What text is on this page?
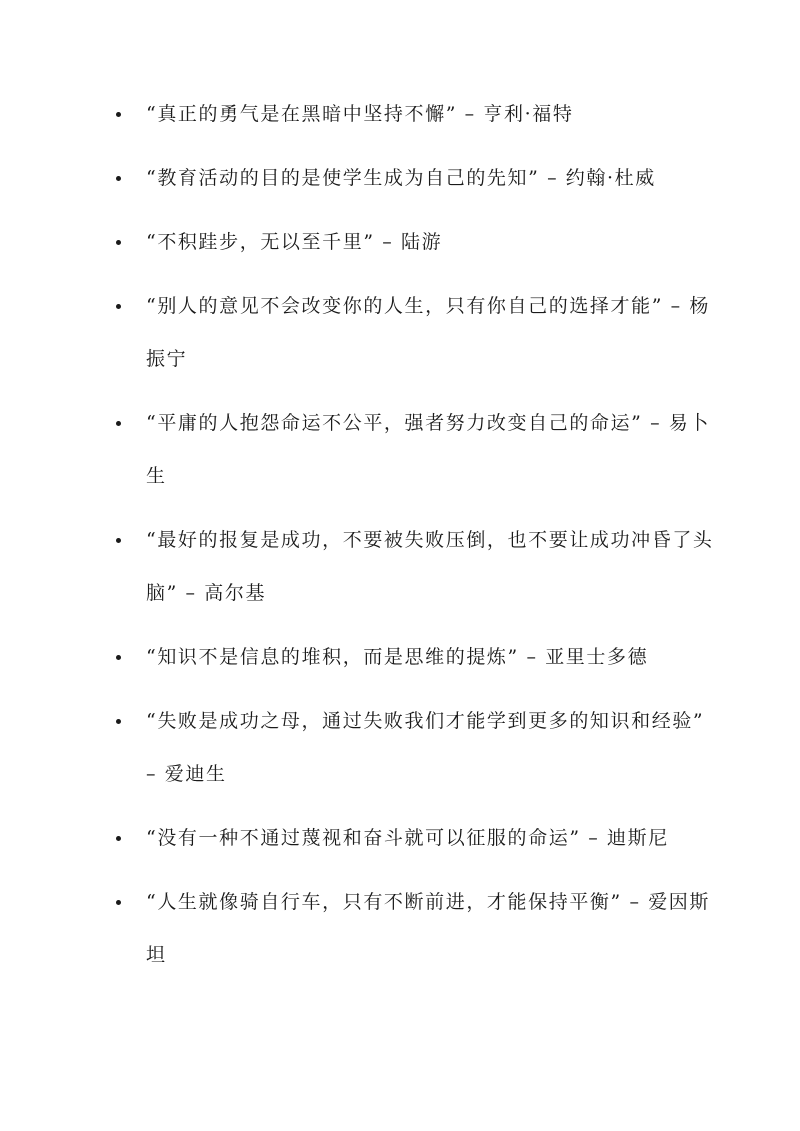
“真正的勇气是在黑暗中坚持不懈” – 亨利·福特
“教育活动的目的是使学生成为自己的先知” – 约翰·杜威
“不积跬步，无以至千里” – 陆游
“别人的意见不会改变你的人生，只有你自己的选择才能” – 杨振宁
“平庸的人抱怨命运不公平，强者努力改变自己的命运” – 易卜生
“最好的报复是成功，不要被失败压倒，也不要让成功冲昏了头脑” – 高尔基
“知识不是信息的堆积，而是思维的提炼” – 亚里士多德
“失败是成功之母，通过失败我们才能学到更多的知识和经验” – 爱迪生
“没有一种不通过蔑视和奋斗就可以征服的命运” – 迪斯尼
“人生就像骑自行车，只有不断前进，才能保持平衡” – 爱因斯坦
